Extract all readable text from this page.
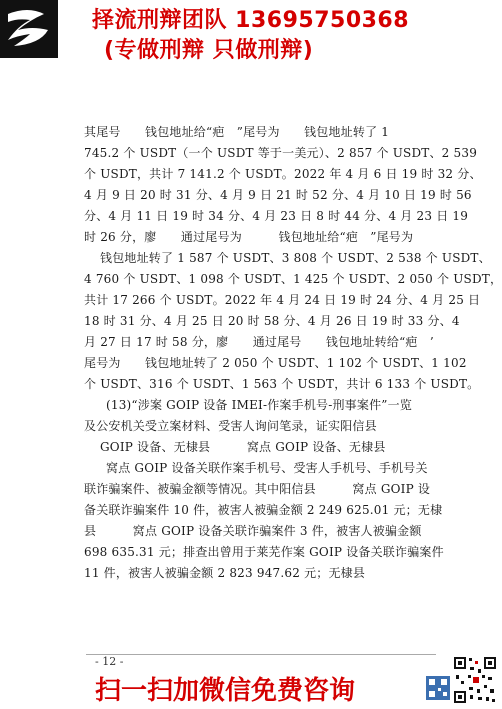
择流刑辩团队 13695750368
(专做刑辩 只做刑辩)
其尾号　　钱包地址给“疤　”尾号为　　钱包地址转了 1
745.2 个 USDT（一个 USDT 等于一美元）、2 857 个 USDT、2 539
个 USDT，共计 7 141.2 个 USDT。2022 年 4 月 6 日 19 时 32 分、
4 月 9 日 20 时 31 分、4 月 9 日 21 时 52 分、4 月 10 日 19 时 56
分、4 月 11 日 19 时 34 分、4 月 23 日 8 时 44 分、4 月 23 日 19
时 26 分，廖　　通过尾号为　　　钱包地址给“疤　”尾号为
钱包地址转了 1 587 个 USDT、3 808 个 USDT、2 538 个 USDT、
4 760 个 USDT、1 098 个 USDT、1 425 个 USDT、2 050 个 USDT，
共计 17 266 个 USDT。2022 年 4 月 24 日 19 时 24 分、4 月 25 日
18 时 31 分、4 月 25 日 20 时 58 分、4 月 26 日 19 时 33 分、4
月 27 日 17 时 58 分，廖　　通过尾号　　钱包地址转给“疤　’
尾号为　　钱包地址转了 2 050 个 USDT、1 102 个 USDT、1 102
个 USDT、316 个 USDT、1 563 个 USDT，共计 6 133 个 USDT。
(13)“涉案 GOIP 设备 IMEI-作案手机号-刑事案件”一览
及公安机关受立案材料、受害人询问笔录，证实阳信县
GOIP 设备、无棣县　　　窝点 GOIP 设备、无棣县
窝点 GOIP 设备关联作案手机号、受害人手机号、手机号关
联诈骗案件、被骗金额等情况。其中阳信县　　　窝点 GOIP 设
备关联诈骗案件 10 件，被害人被骗金额 2 249 625.01 元；无棣
县　　　窝点 GOIP 设备关联诈骗案件 3 件，被害人被骗金额
698 635.31 元；排查出曾用于莱芜作案 GOIP 设备关联诈骗案件
11 件，被害人被骗金额 2 823 947.62 元；无棣县
- 12 -
扫一扫加微信免费咨询
